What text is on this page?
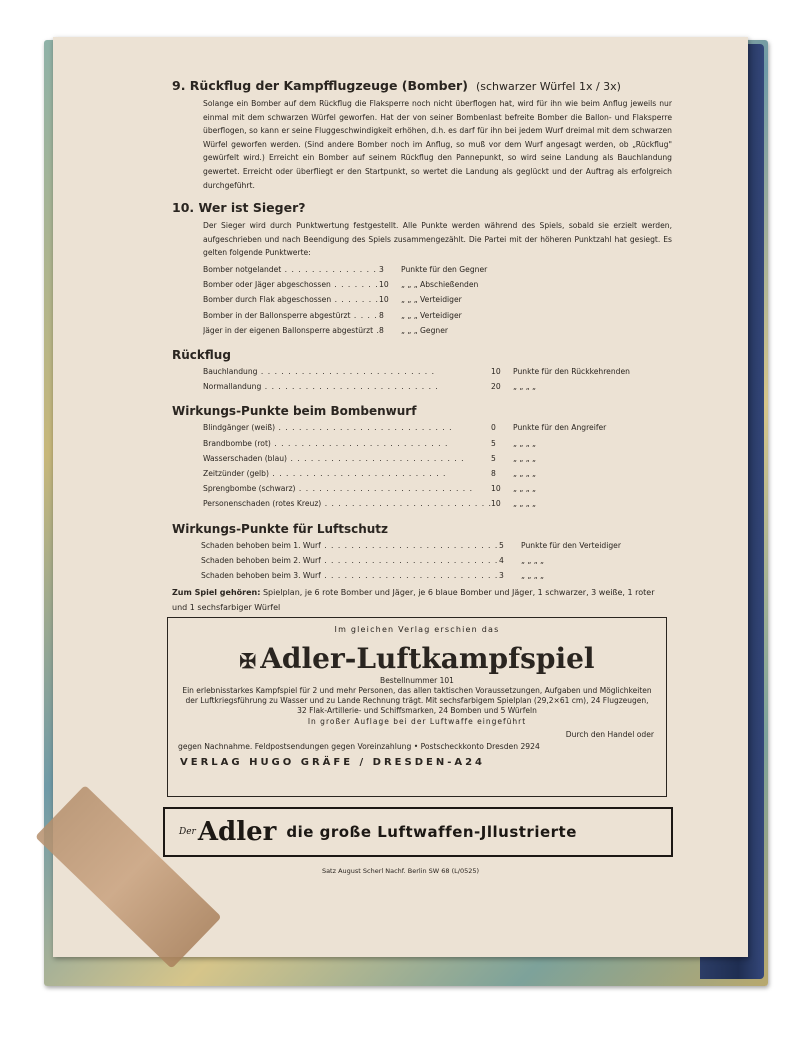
9. Rückflug der Kampfflugzeuge (Bomber) (schwarzer Würfel 1x / 3x)
Solange ein Bomber auf dem Rückflug die Flaksperre noch nicht überflogen hat, wird für ihn wie beim Anflug jeweils nur einmal mit dem schwarzen Würfel geworfen. Hat der von seiner Bombenlast befreite Bomber die Ballon- und Flaksperre überflogen, so kann er seine Fluggeschwindigkeit erhöhen, d.h. es darf für ihn bei jedem Wurf dreimal mit dem schwarzen Würfel geworfen werden. (Sind andere Bomber noch im Anflug, so muß vor dem Wurf angesagt werden, ob „Rückflug" gewürfelt wird.) Erreicht ein Bomber auf seinem Rückflug den Pannepunkt, so wird seine Landung als Bauchlandung gewertet. Erreicht oder überfliegt er den Startpunkt, so wertet die Landung als geglückt und der Auftrag als erfolgreich durchgeführt.
10. Wer ist Sieger?
Der Sieger wird durch Punktwertung festgestellt. Alle Punkte werden während des Spiels, sobald sie erzielt werden, aufgeschrieben und nach Beendigung des Spiels zusammengezählt. Die Partei mit der höheren Punktzahl hat gesiegt. Es gelten folgende Punktwerte:
Bomber notgelandet . . .	3	Punkte für den Gegner
Bomber oder Jäger abgeschossen . . .	10	„ „ „ Abschießenden
Bomber durch Flak abgeschossen . . .	10	„ „ „ Verteidiger
Bomber in der Ballonsperre abgestürzt . . .	8	„ „ „ Verteidiger
Jäger in der eigenen Ballonsperre abgestürzt . . . 8	„ „ „ Gegner
Rückflug
Bauchlandung . . .	10	Punkte für den Rückkehrenden
Normallandung . . .	20	„ „ „ „
Wirkungs-Punkte beim Bombenwurf
Blindgänger (weiß) . . .	0	Punkte für den Angreifer
Brandbombe (rot) . . .	5	„ „ „ „
Wasserschaden (blau) . . .	5	„ „ „ „
Zeitzünder (gelb) . . .	8	„ „ „ „
Sprengbombe (schwarz) . . .	10	„ „ „ „
Personenschaden (rotes Kreuz) . . .	10	„ „ „ „
Wirkungs-Punkte für Luftschutz
Schaden behoben beim 1. Wurf . . .	5	Punkte für den Verteidiger
Schaden behoben beim 2. Wurf . . .	4	„ „ „ „
Schaden behoben beim 3. Wurf . . .	3	„ „ „ „
Zum Spiel gehören: Spielplan, je 6 rote Bomber und Jäger, je 6 blaue Bomber und Jäger, 1 schwarzer, 3 weiße, 1 roter und 1 sechsfarbiger Würfel
Im gleichen Verlag erschien das
✠ Adler-Luftkampfspiel
Bestellnummer 101
Ein erlebnisstarkes Kampfspiel für 2 und mehr Personen, das allen taktischen Voraussetzungen, Aufgaben und Möglichkeiten der Luftkriegsführung zu Wasser und zu Lande Rechnung trägt. Mit sechsfarbigem Spielplan (29,2×61 cm), 24 Flugzeugen, 32 Flak-Artillerie- und Schiffsmarken, 24 Bomben und 5 Würfeln
In großer Auflage bei der Luftwaffe eingeführt
Durch den Handel oder
gegen Nachnahme. Feldpostsendungen gegen Voreinzahlung • Postscheckkonto Dresden 2924
VERLAG HUGO GRÄFE / DRESDEN-A24
Der Adler die große Luftwaffen-Jllustrierte
Satz August Scherl Nachf. Berlin SW 68 (L/0525)
